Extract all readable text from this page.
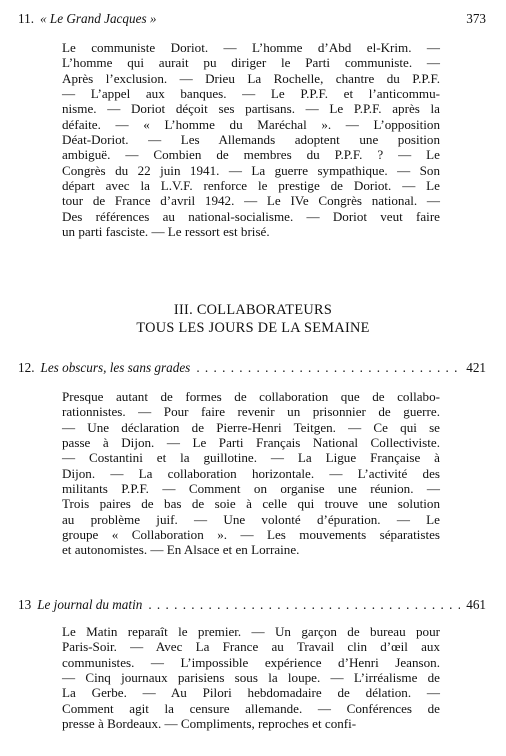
11. « Le Grand Jacques »	373
Le communiste Doriot. — L’homme d’Abd el-Krim. —
L’homme qui aurait pu diriger le Parti communiste. —
Après l’exclusion. — Drieu La Rochelle, chantre du P.P.F.
— L’appel aux banques. — Le P.P.F. et l’anticommu-
nisme. — Doriot déçoit ses partisans. — Le P.P.F. après la
défaite. — « L’homme du Maréchal ». — L’opposition
Déat-Doriot. — Les Allemands adoptent une position
ambiguë. — Combien de membres du P.P.F. ? — Le
Congrès du 22 juin 1941. — La guerre sympathique. — Son
départ avec la L.V.F. renforce le prestige de Doriot. — Le
tour de France d’avril 1942. — Le IVe Congrès national. —
Des références au national-socialisme. — Doriot veut faire
un parti fasciste. — Le ressort est brisé.
III. COLLABORATEURS
TOUS LES JOURS DE LA SEMAINE
12. Les obscurs, les sans grades . . .	421
Presque autant de formes de collaboration que de collabo-
rationnistes. — Pour faire revenir un prisonnier de guerre.
— Une déclaration de Pierre-Henri Teitgen. — Ce qui se
passe à Dijon. — Le Parti Français National Collectiviste.
— Costantini et la guillotine. — La Ligue Française à
Dijon. — La collaboration horizontale. — L’activité des
militants P.P.F. — Comment on organise une réunion. —
Trois paires de bas de soie à celle qui trouve une solution
au problème juif. — Une volonté d’épuration. — Le
groupe « Collaboration ». — Les mouvements séparatistes
et autonomistes. — En Alsace et en Lorraine.
13 Le journal du matin . . .	461
Le Matin reparaît le premier. — Un garçon de bureau pour
Paris-Soir. — Avec La France au Travail clin d’œil aux
communistes. — L’impossible expérience d’Henri Jeanson.
— Cinq journaux parisiens sous la loupe. — L’irréalisme de
La Gerbe. — Au Pilori hebdomadaire de délation. —
Comment agit la censure allemande. — Conférences de
presse à Bordeaux. — Compliments, reproches et confi-
